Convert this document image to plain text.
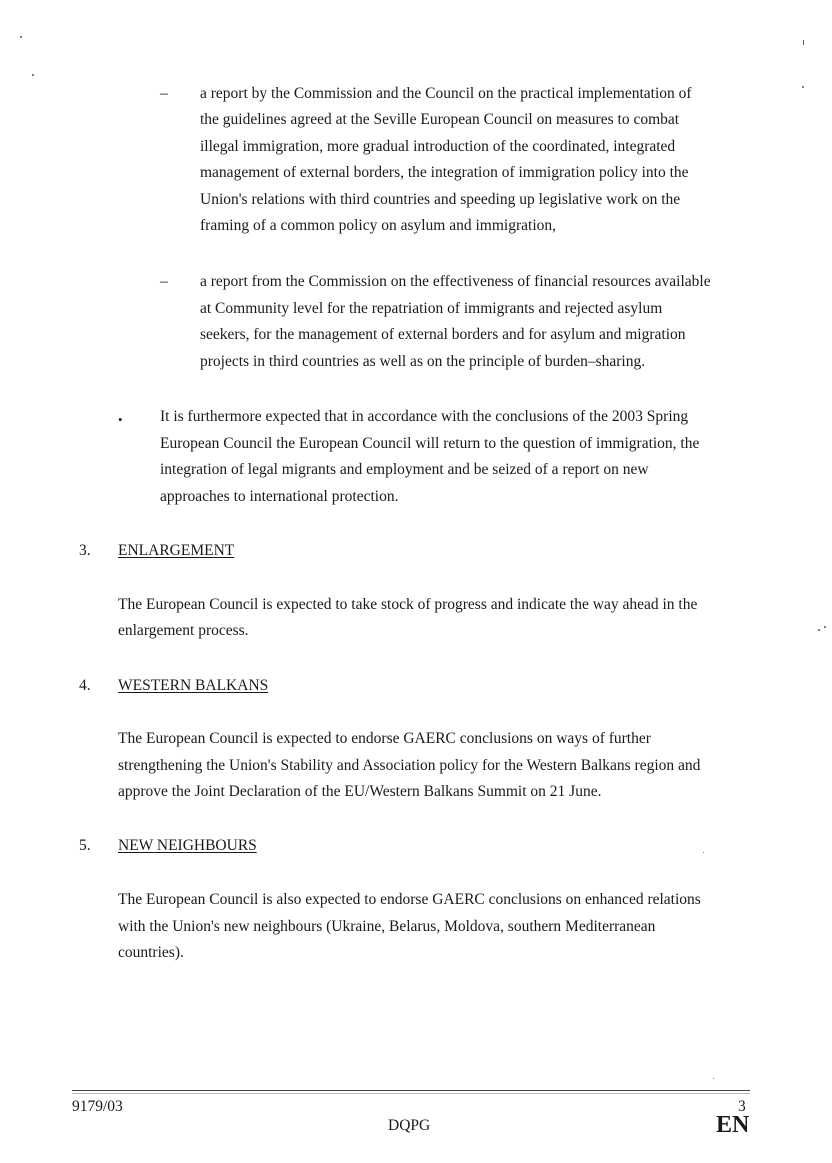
– a report by the Commission and the Council on the practical implementation of
the guidelines agreed at the Seville European Council on measures to combat
illegal immigration, more gradual introduction of the coordinated, integrated
management of external borders, the integration of immigration policy into the
Union's relations with third countries and speeding up legislative work on the
framing of a common policy on asylum and immigration,
– a report from the Commission on the effectiveness of financial resources available
at Community level for the repatriation of immigrants and rejected asylum
seekers, for the management of external borders and for asylum and migration
projects in third countries as well as on the principle of burden–sharing.
• It is furthermore expected that in accordance with the conclusions of the 2003 Spring
European Council the European Council will return to the question of immigration, the
integration of legal migrants and employment and be seized of a report on new
approaches to international protection.
3. ENLARGEMENT
The European Council is expected to take stock of progress and indicate the way ahead in the
enlargement process.
4. WESTERN BALKANS
The European Council is expected to endorse GAERC conclusions on ways of further
strengthening the Union's Stability and Association policy for the Western Balkans region and
approve the Joint Declaration of the EU/Western Balkans Summit on 21 June.
5. NEW NEIGHBOURS
The European Council is also expected to endorse GAERC conclusions on enhanced relations
with the Union's new neighbours (Ukraine, Belarus, Moldova, southern Mediterranean
countries).
9179/03
DQPG
3
EN
